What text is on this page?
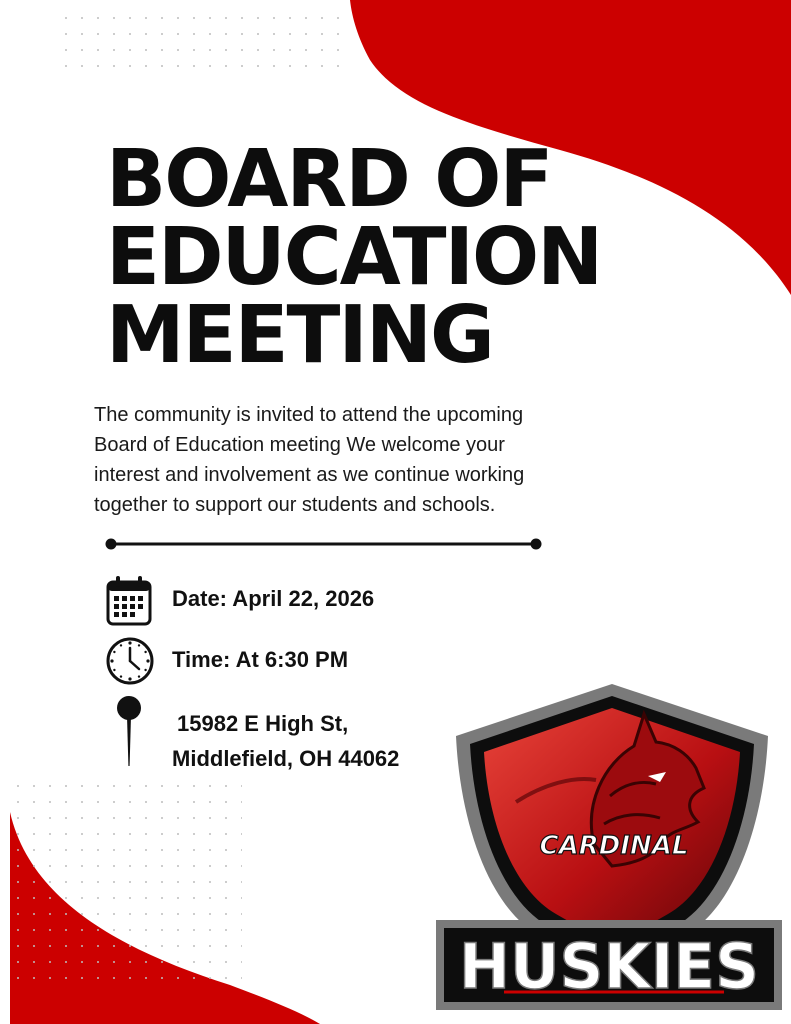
BOARD OF
EDUCATION
MEETING

The community is invited to attend the upcoming
Board of Education meeting We welcome your
interest and involvement as we continue working
together to support our students and schools.

Date: April 22, 2026

Time: At 6:30 PM

15982 E High St,
Middlefield, OH 44062

CARDINAL
HUSKIES
